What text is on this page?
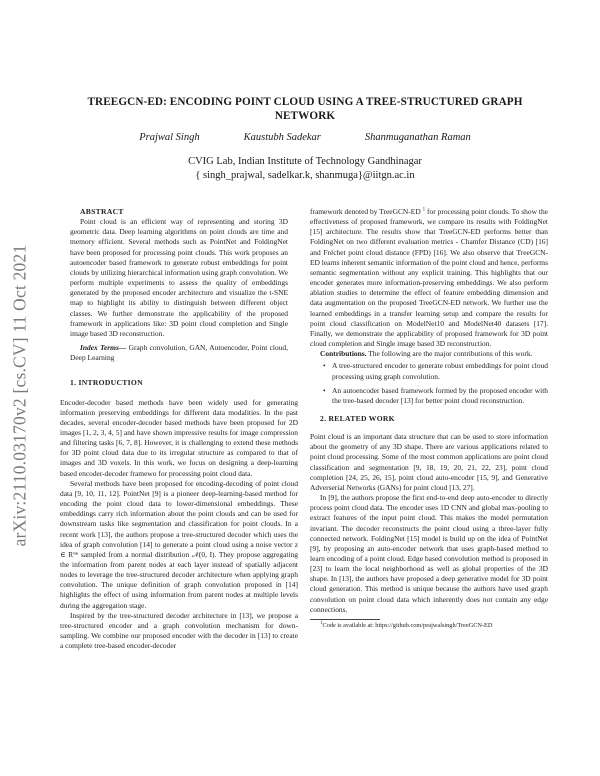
arXiv:2110.03170v2 [cs.CV] 11 Oct 2021
TREEGCN-ED: ENCODING POINT CLOUD USING A TREE-STRUCTURED GRAPH NETWORK
Prajwal Singh	Kaustubh Sadekar	Shanmuganathan Raman
CVIG Lab, Indian Institute of Technology Gandhinagar
{ singh_prajwal, sadelkar.k, shanmuga}@iitgn.ac.in

ABSTRACT

Point cloud is an efficient way of representing and storing 3D geometric data. Deep learning algorithms on point clouds are time and memory efficient. Several methods such as PointNet and FoldingNet have been proposed for processing point clouds. This work proposes an autoencoder based framework to generate robust embeddings for point clouds by utilizing hierarchical information using graph convolution. We perform multiple experiments to assess the quality of embeddings generated by the proposed encoder architecture and visualize the t-SNE map to highlight its ability to distinguish between different object classes. We further demonstrate the applicability of the proposed framework in applications like: 3D point cloud completion and Single image based 3D reconstruction.

Index Terms— Graph convolution, GAN, Autoencoder, Point cloud, Deep Learning

1. INTRODUCTION

Encoder-decoder based methods have been widely used for generating information preserving embeddings for different data modalities. In the past decades, several encoder-decoder based methods have been proposed for 2D images [1, 2, 3, 4, 5] and have shown impressive results for image compression and filtering tasks [6, 7, 8]. However, it is challenging to extend these methods for 3D point cloud data due to its irregular structure as compared to that of images and 3D voxels. In this work, we focus on designing a deep-learning based encoder-decoder framewo for processing point cloud data.

Several methods have been proposed for encoding-decoding of point cloud data [9, 10, 11, 12]. PointNet [9] is a pioneer deep-learning-based method for encoding the point cloud data to lower-dimensional embeddings. These embeddings carry rich information about the point clouds and can be used for downstream tasks like segmentation and classification for point clouds. In a recent work [13], the authors propose a tree-structured decoder which uses the idea of graph convolution [14] to generate a point cloud using a noise vector z ∈ R⁹⁶ sampled from a normal distribution 𝒩(0, I). They propose aggregating the information from parent nodes at each layer instead of spatially adjacent nodes to leverage the tree-structured decoder architecture when applying graph convolution. The unique definition of graph convolution proposed in [14] highlights the effect of using information from parent nodes at multiple levels during the aggregation stage.

Inspired by the tree-structured decoder architecture in [13], we propose a tree-structured encoder and a graph convolution mechanism for down-sampling. We combine our proposed encoder with the decoder in [13] to create a complete tree-based encoder-decoder

framework denoted by TreeGCN-ED $^1$ for processing point clouds. To show the effectiveness of proposed framework, we compare its results with FoldingNet [15] architecture. The results show that TreeGCN-ED performs better than FoldingNet on two different evaluation metrics - Chamfer Distance (CD) [16] and Fréchet point cloud distance (FPD) [16]. We also observe that TreeGCN-ED learns inherent semantic information of the point cloud and hence, performs semantic segmentation without any explicit training. This highlights that our encoder generates more information-preserving embeddings. We also perform ablation studies to determine the effect of feature embedding dimension and data augmentation on the proposed TreeGCN-ED network. We further use the learned embeddings in a transfer learning setup and compare the results for point cloud classification on ModelNet10 and ModelNet40 datasets [17]. Finally, we demonstrate the applicability of proposed framework for 3D point cloud completion and Single image based 3D reconstruction.

Contributions. The following are the major contributions of this work.

• A tree-structured encoder to generate robust embeddings for point cloud processing using graph convolution.
• An autoencoder based framework formed by the proposed encoder with the tree-based decoder [13] for better point cloud reconstruction.

2. RELATED WORK

Point cloud is an important data structure that can be used to store information about the geometry of any 3D shape. There are various applications related to point cloud processing. Some of the most common applications are point cloud classification and segmentation [9, 18, 19, 20, 21, 22, 23], point cloud completion [24, 25, 26, 15], point cloud auto-encoder [15, 9], and Generative Adverserial Networks (GANs) for point cloud [13, 27].

In [9], the authors propose the first end-to-end deep auto-encoder to directly process point cloud data. The encoder uses 1D CNN and global max-pooling to extract features of the input point cloud. This makes the model permutation invariant. The decoder reconstructs the point cloud using a three-layer fully connected network. FoldingNet [15] model is build up on the idea of PointNet [9], by proposing an auto-encoder network that uses graph-based method to learn encoding of a point cloud. Edge based convolution method is proposed in [23] to learn the local neighborhood as well as global properties of the 3D shape. In [13], the authors have proposed a deep generative model for 3D point cloud generation. This method is unique because the authors have used graph convolution on point cloud data which inherently does not contain any edge connections.

$^1$Code is available at: https://github.com/prajwalsingh/TreeGCN-ED
